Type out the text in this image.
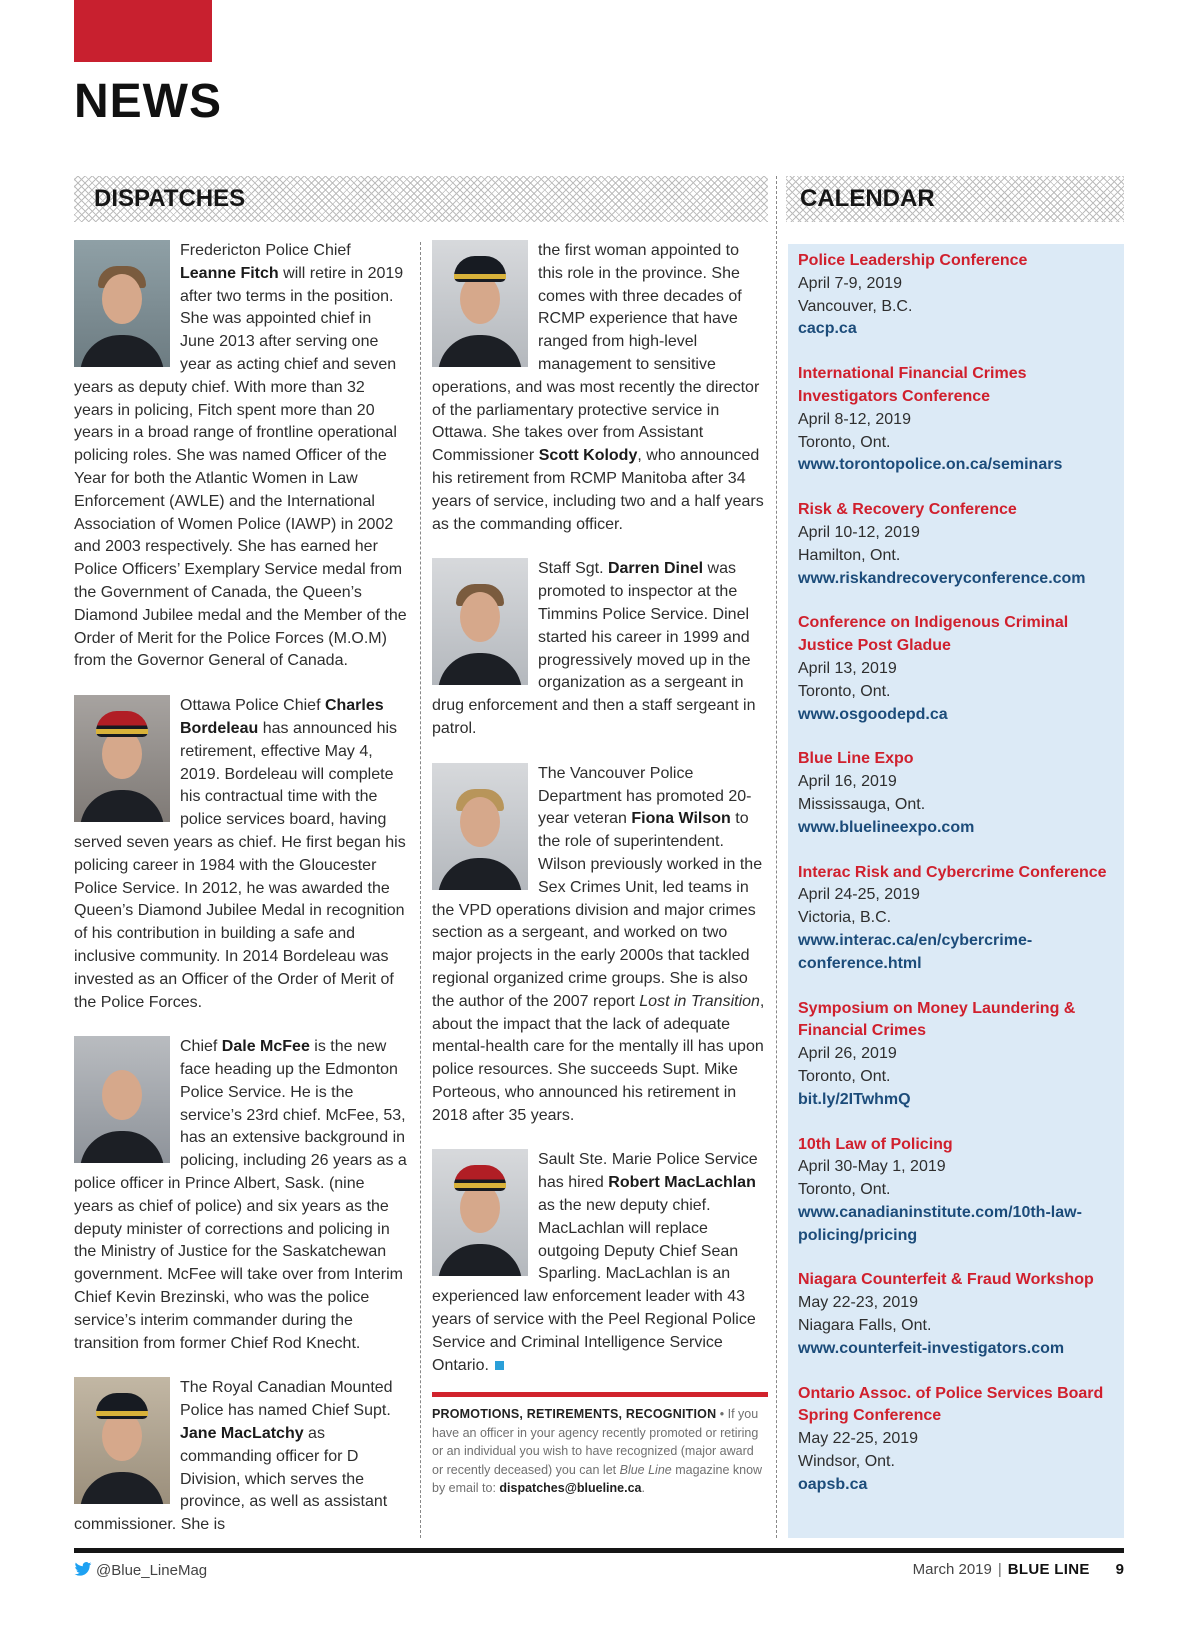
NEWS
DISPATCHES	CALENDAR

Fredericton Police Chief Leanne Fitch will retire in 2019 after two terms in the position. She was appointed chief in June 2013 after serving one year as acting chief and seven years as deputy chief. With more than 32 years in policing, Fitch spent more than 20 years in a broad range of frontline operational policing roles. She was named Officer of the Year for both the Atlantic Women in Law Enforcement (AWLE) and the International Association of Women Police (IAWP) in 2002 and 2003 respectively. She has earned her Police Officers’ Exemplary Service medal from the Government of Canada, the Queen’s Diamond Jubilee medal and the Member of the Order of Merit for the Police Forces (M.O.M) from the Governor General of Canada.

Ottawa Police Chief Charles Bordeleau has announced his retirement, effective May 4, 2019. Bordeleau will complete his contractual time with the police services board, having served seven years as chief. He first began his policing career in 1984 with the Gloucester Police Service. In 2012, he was awarded the Queen’s Diamond Jubilee Medal in recognition of his contribution in building a safe and inclusive community. In 2014 Bordeleau was invested as an Officer of the Order of Merit of the Police Forces.

Chief Dale McFee is the new face heading up the Edmonton Police Service. He is the service’s 23rd chief. McFee, 53, has an extensive background in policing, including 26 years as a police officer in Prince Albert, Sask. (nine years as chief of police) and six years as the deputy minister of corrections and policing in the Ministry of Justice for the Saskatchewan government. McFee will take over from Interim Chief Kevin Brezinski, who was the police service’s interim commander during the transition from former Chief Rod Knecht.

The Royal Canadian Mounted Police has named Chief Supt. Jane MacLatchy as commanding officer for D Division, which serves the province, as well as assistant commissioner. She is

the first woman appointed to this role in the province. She comes with three decades of RCMP experience that have ranged from high-level management to sensitive operations, and was most recently the director of the parliamentary protective service in Ottawa. She takes over from Assistant Commissioner Scott Kolody, who announced his retirement from RCMP Manitoba after 34 years of service, including two and a half years as the commanding officer.

Staff Sgt. Darren Dinel was promoted to inspector at the Timmins Police Service. Dinel started his career in 1999 and progressively moved up in the organization as a sergeant in drug enforcement and then a staff sergeant in patrol.

The Vancouver Police Department has promoted 20-year veteran Fiona Wilson to the role of superintendent. Wilson previously worked in the Sex Crimes Unit, led teams in the VPD operations division and major crimes section as a sergeant, and worked on two major projects in the early 2000s that tackled regional organized crime groups. She is also the author of the 2007 report Lost in Transition, about the impact that the lack of adequate mental-health care for the mentally ill has upon police resources. She succeeds Supt. Mike Porteous, who announced his retirement in 2018 after 35 years.

Sault Ste. Marie Police Service has hired Robert MacLachlan as the new deputy chief. MacLachlan will replace outgoing Deputy Chief Sean Sparling. MacLachlan is an experienced law enforcement leader with 43 years of service with the Peel Regional Police Service and Criminal Intelligence Service Ontario.

PROMOTIONS, RETIREMENTS, RECOGNITION • If you have an officer in your agency recently promoted or retiring or an individual you wish to have recognized (major award or recently deceased) you can let Blue Line magazine know by email to: dispatches@blueline.ca.
Police Leadership Conference
April 7-9, 2019
Vancouver, B.C.
cacp.ca
International Financial Crimes Investigators Conference
April 8-12, 2019
Toronto, Ont.
www.torontopolice.on.ca/seminars
Risk & Recovery Conference
April 10-12, 2019
Hamilton, Ont.
www.riskandrecoveryconference.com
Conference on Indigenous Criminal Justice Post Gladue
April 13, 2019
Toronto, Ont.
www.osgoodepd.ca
Blue Line Expo
April 16, 2019
Mississauga, Ont.
www.bluelineexpo.com
Interac Risk and Cybercrime Conference
April 24-25, 2019
Victoria, B.C.
www.interac.ca/en/cybercrime-conference.html
Symposium on Money Laundering & Financial Crimes
April 26, 2019
Toronto, Ont.
bit.ly/2ITwhmQ
10th Law of Policing
April 30-May 1, 2019
Toronto, Ont.
www.canadianinstitute.com/10th-law-policing/pricing
Niagara Counterfeit & Fraud Workshop
May 22-23, 2019
Niagara Falls, Ont.
www.counterfeit-investigators.com
Ontario Assoc. of Police Services Board Spring Conference
May 22-25, 2019
Windsor, Ont.
oapsb.ca
@Blue_LineMag	March 2019 | BLUE LINE 9
